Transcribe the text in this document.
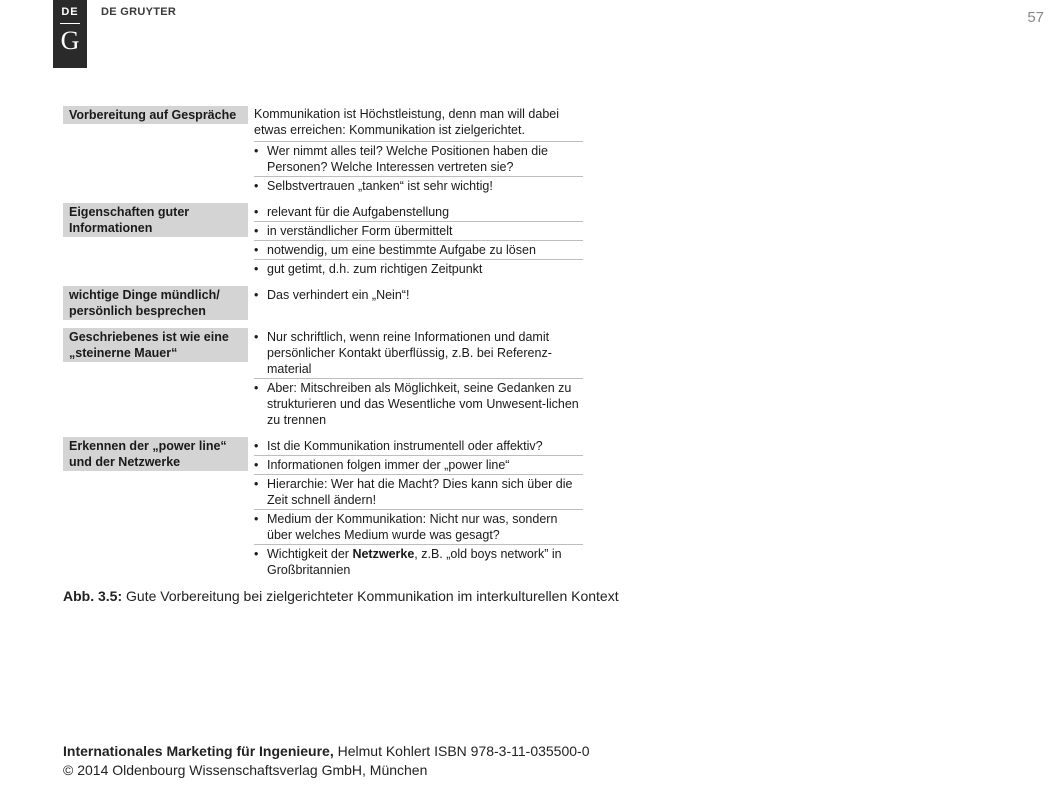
DE
G
DE GRUYTER	57
Vorbereitung auf Gespräche	Kommunikation ist Höchstleistung, denn man will dabei etwas erreichen: Kommunikation ist zielgerichtet.
• Wer nimmt alles teil? Welche Positionen haben die Personen? Welche Interessen vertreten sie?
• Selbstvertrauen „tanken“ ist sehr wichtig!
Eigenschaften guter Informationen
• relevant für die Aufgabenstellung
• in verständlicher Form übermittelt
• notwendig, um eine bestimmte Aufgabe zu lösen
• gut getimt, d.h. zum richtigen Zeitpunkt
wichtige Dinge mündlich/ persönlich besprechen
• Das verhindert ein „Nein“!
Geschriebenes ist wie eine „steinerne Mauer“
• Nur schriftlich, wenn reine Informationen und damit persönlicher Kontakt überflüssig, z.B. bei Referenz-material
• Aber: Mitschreiben als Möglichkeit, seine Gedanken zu strukturieren und das Wesentliche vom Unwesent-lichen zu trennen
Erkennen der „power line“ und der Netzwerke
• Ist die Kommunikation instrumentell oder affektiv?
• Informationen folgen immer der „power line“
• Hierarchie: Wer hat die Macht? Dies kann sich über die Zeit schnell ändern!
• Medium der Kommunikation: Nicht nur was, sondern über welches Medium wurde was gesagt?
• Wichtigkeit der Netzwerke, z.B. „old boys network” in Großbritannien
Abb. 3.5: Gute Vorbereitung bei zielgerichteter Kommunikation im interkulturellen Kontext
Internationales Marketing für Ingenieure, Helmut Kohlert ISBN 978-3-11-035500-0
© 2014 Oldenbourg Wissenschaftsverlag GmbH, München
